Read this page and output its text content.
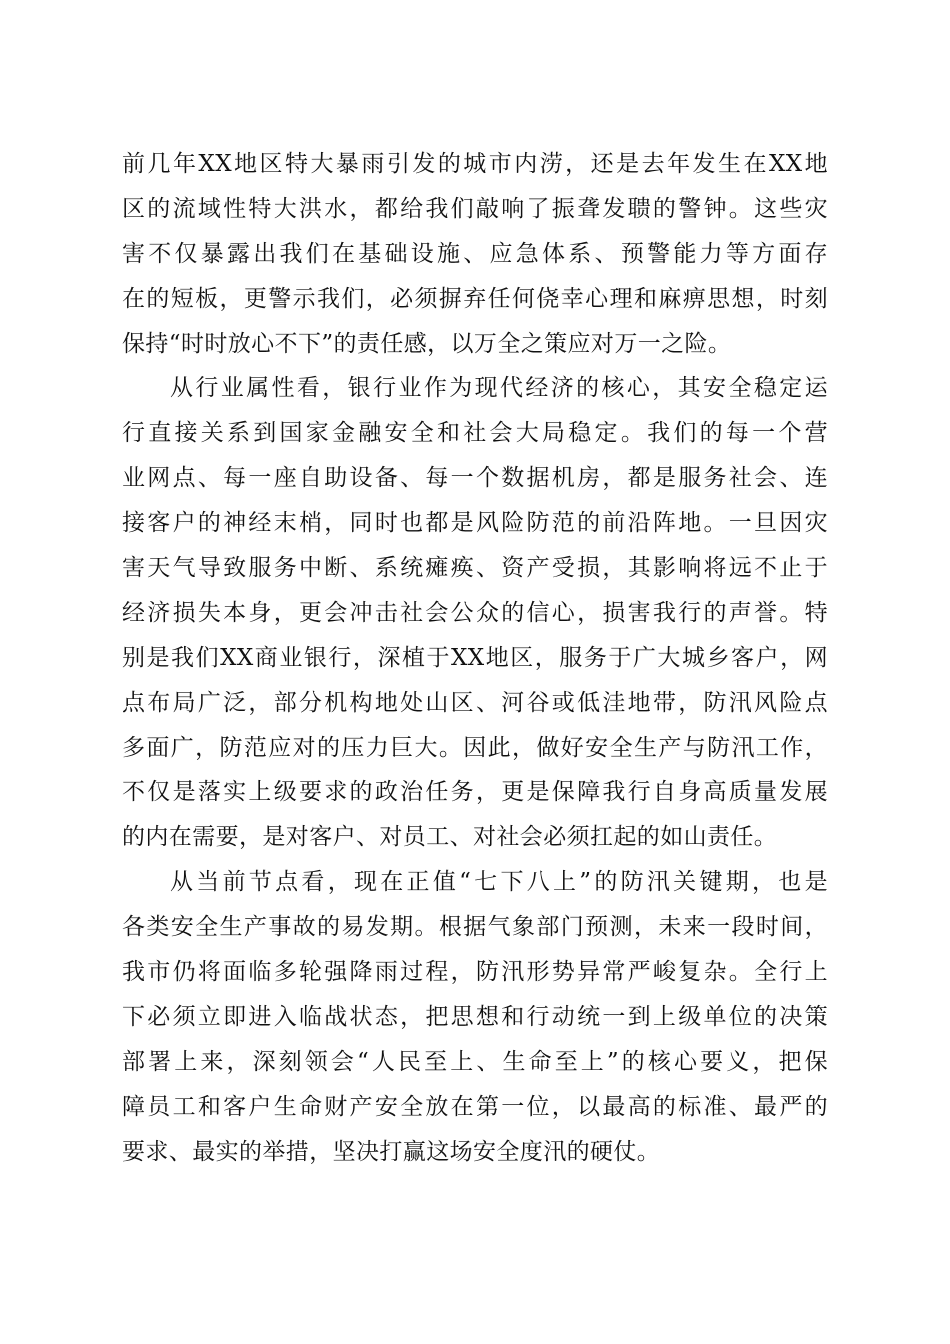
前几年XX地区特大暴雨引发的城市内涝，还是去年发生在XX地
区的流域性特大洪水，都给我们敲响了振聋发聩的警钟。这些灾
害不仅暴露出我们在基础设施、应急体系、预警能力等方面存
在的短板，更警示我们，必须摒弃任何侥幸心理和麻痹思想，时刻
保持“时时放心不下”的责任感，以万全之策应对万一之险。
从行业属性看，银行业作为现代经济的核心，其安全稳定运
行直接关系到国家金融安全和社会大局稳定。我们的每一个营
业网点、每一座自助设备、每一个数据机房，都是服务社会、连
接客户的神经末梢，同时也都是风险防范的前沿阵地。一旦因灾
害天气导致服务中断、系统瘫痪、资产受损，其影响将远不止于
经济损失本身，更会冲击社会公众的信心，损害我行的声誉。特
别是我们XX商业银行，深植于XX地区，服务于广大城乡客户，网
点布局广泛，部分机构地处山区、河谷或低洼地带，防汛风险点
多面广，防范应对的压力巨大。因此，做好安全生产与防汛工作，
不仅是落实上级要求的政治任务，更是保障我行自身高质量发展
的内在需要，是对客户、对员工、对社会必须扛起的如山责任。
从当前节点看，现在正值“七下八上”的防汛关键期，也是
各类安全生产事故的易发期。根据气象部门预测，未来一段时间，
我市仍将面临多轮强降雨过程，防汛形势异常严峻复杂。全行上
下必须立即进入临战状态，把思想和行动统一到上级单位的决策
部署上来，深刻领会“人民至上、生命至上”的核心要义，把保
障员工和客户生命财产安全放在第一位，以最高的标准、最严的
要求、最实的举措，坚决打赢这场安全度汛的硬仗。
